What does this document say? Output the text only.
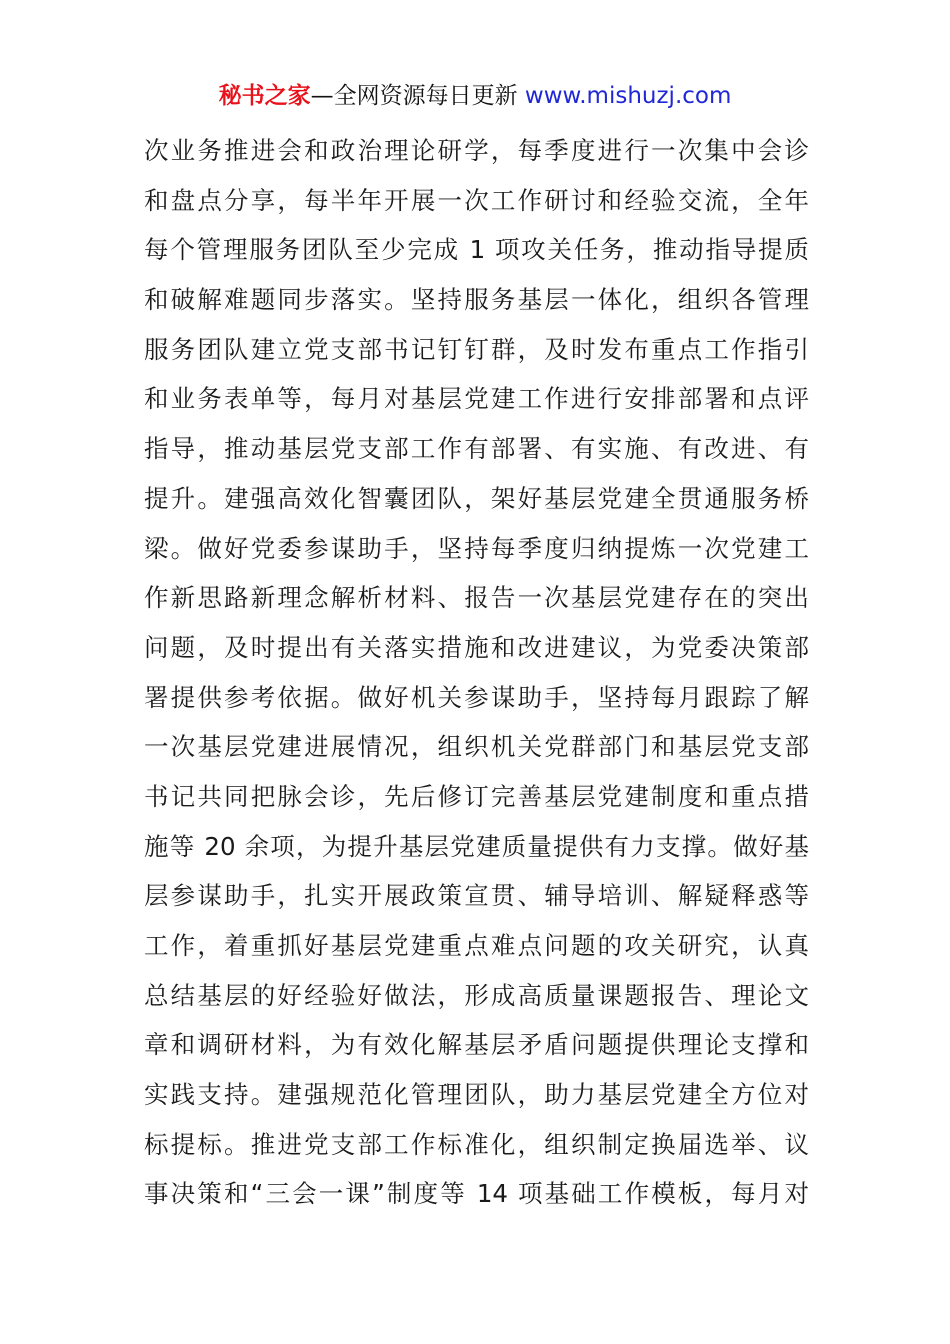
秘书之家—全网资源每日更新 www.mishuzj.com
次业务推进会和政治理论研学，每季度进行一次集中会诊
和盘点分享，每半年开展一次工作研讨和经验交流，全年
每个管理服务团队至少完成 1 项攻关任务，推动指导提质
和破解难题同步落实。坚持服务基层一体化，组织各管理
服务团队建立党支部书记钉钉群，及时发布重点工作指引
和业务表单等，每月对基层党建工作进行安排部署和点评
指导，推动基层党支部工作有部署、有实施、有改进、有
提升。建强高效化智囊团队，架好基层党建全贯通服务桥
梁。做好党委参谋助手，坚持每季度归纳提炼一次党建工
作新思路新理念解析材料、报告一次基层党建存在的突出
问题，及时提出有关落实措施和改进建议，为党委决策部
署提供参考依据。做好机关参谋助手，坚持每月跟踪了解
一次基层党建进展情况，组织机关党群部门和基层党支部
书记共同把脉会诊，先后修订完善基层党建制度和重点措
施等 20 余项，为提升基层党建质量提供有力支撑。做好基
层参谋助手，扎实开展政策宣贯、辅导培训、解疑释惑等
工作，着重抓好基层党建重点难点问题的攻关研究，认真
总结基层的好经验好做法，形成高质量课题报告、理论文
章和调研材料，为有效化解基层矛盾问题提供理论支撑和
实践支持。建强规范化管理团队，助力基层党建全方位对
标提标。推进党支部工作标准化，组织制定换届选举、议
事决策和“三会一课”制度等 14 项基础工作模板，每月对
